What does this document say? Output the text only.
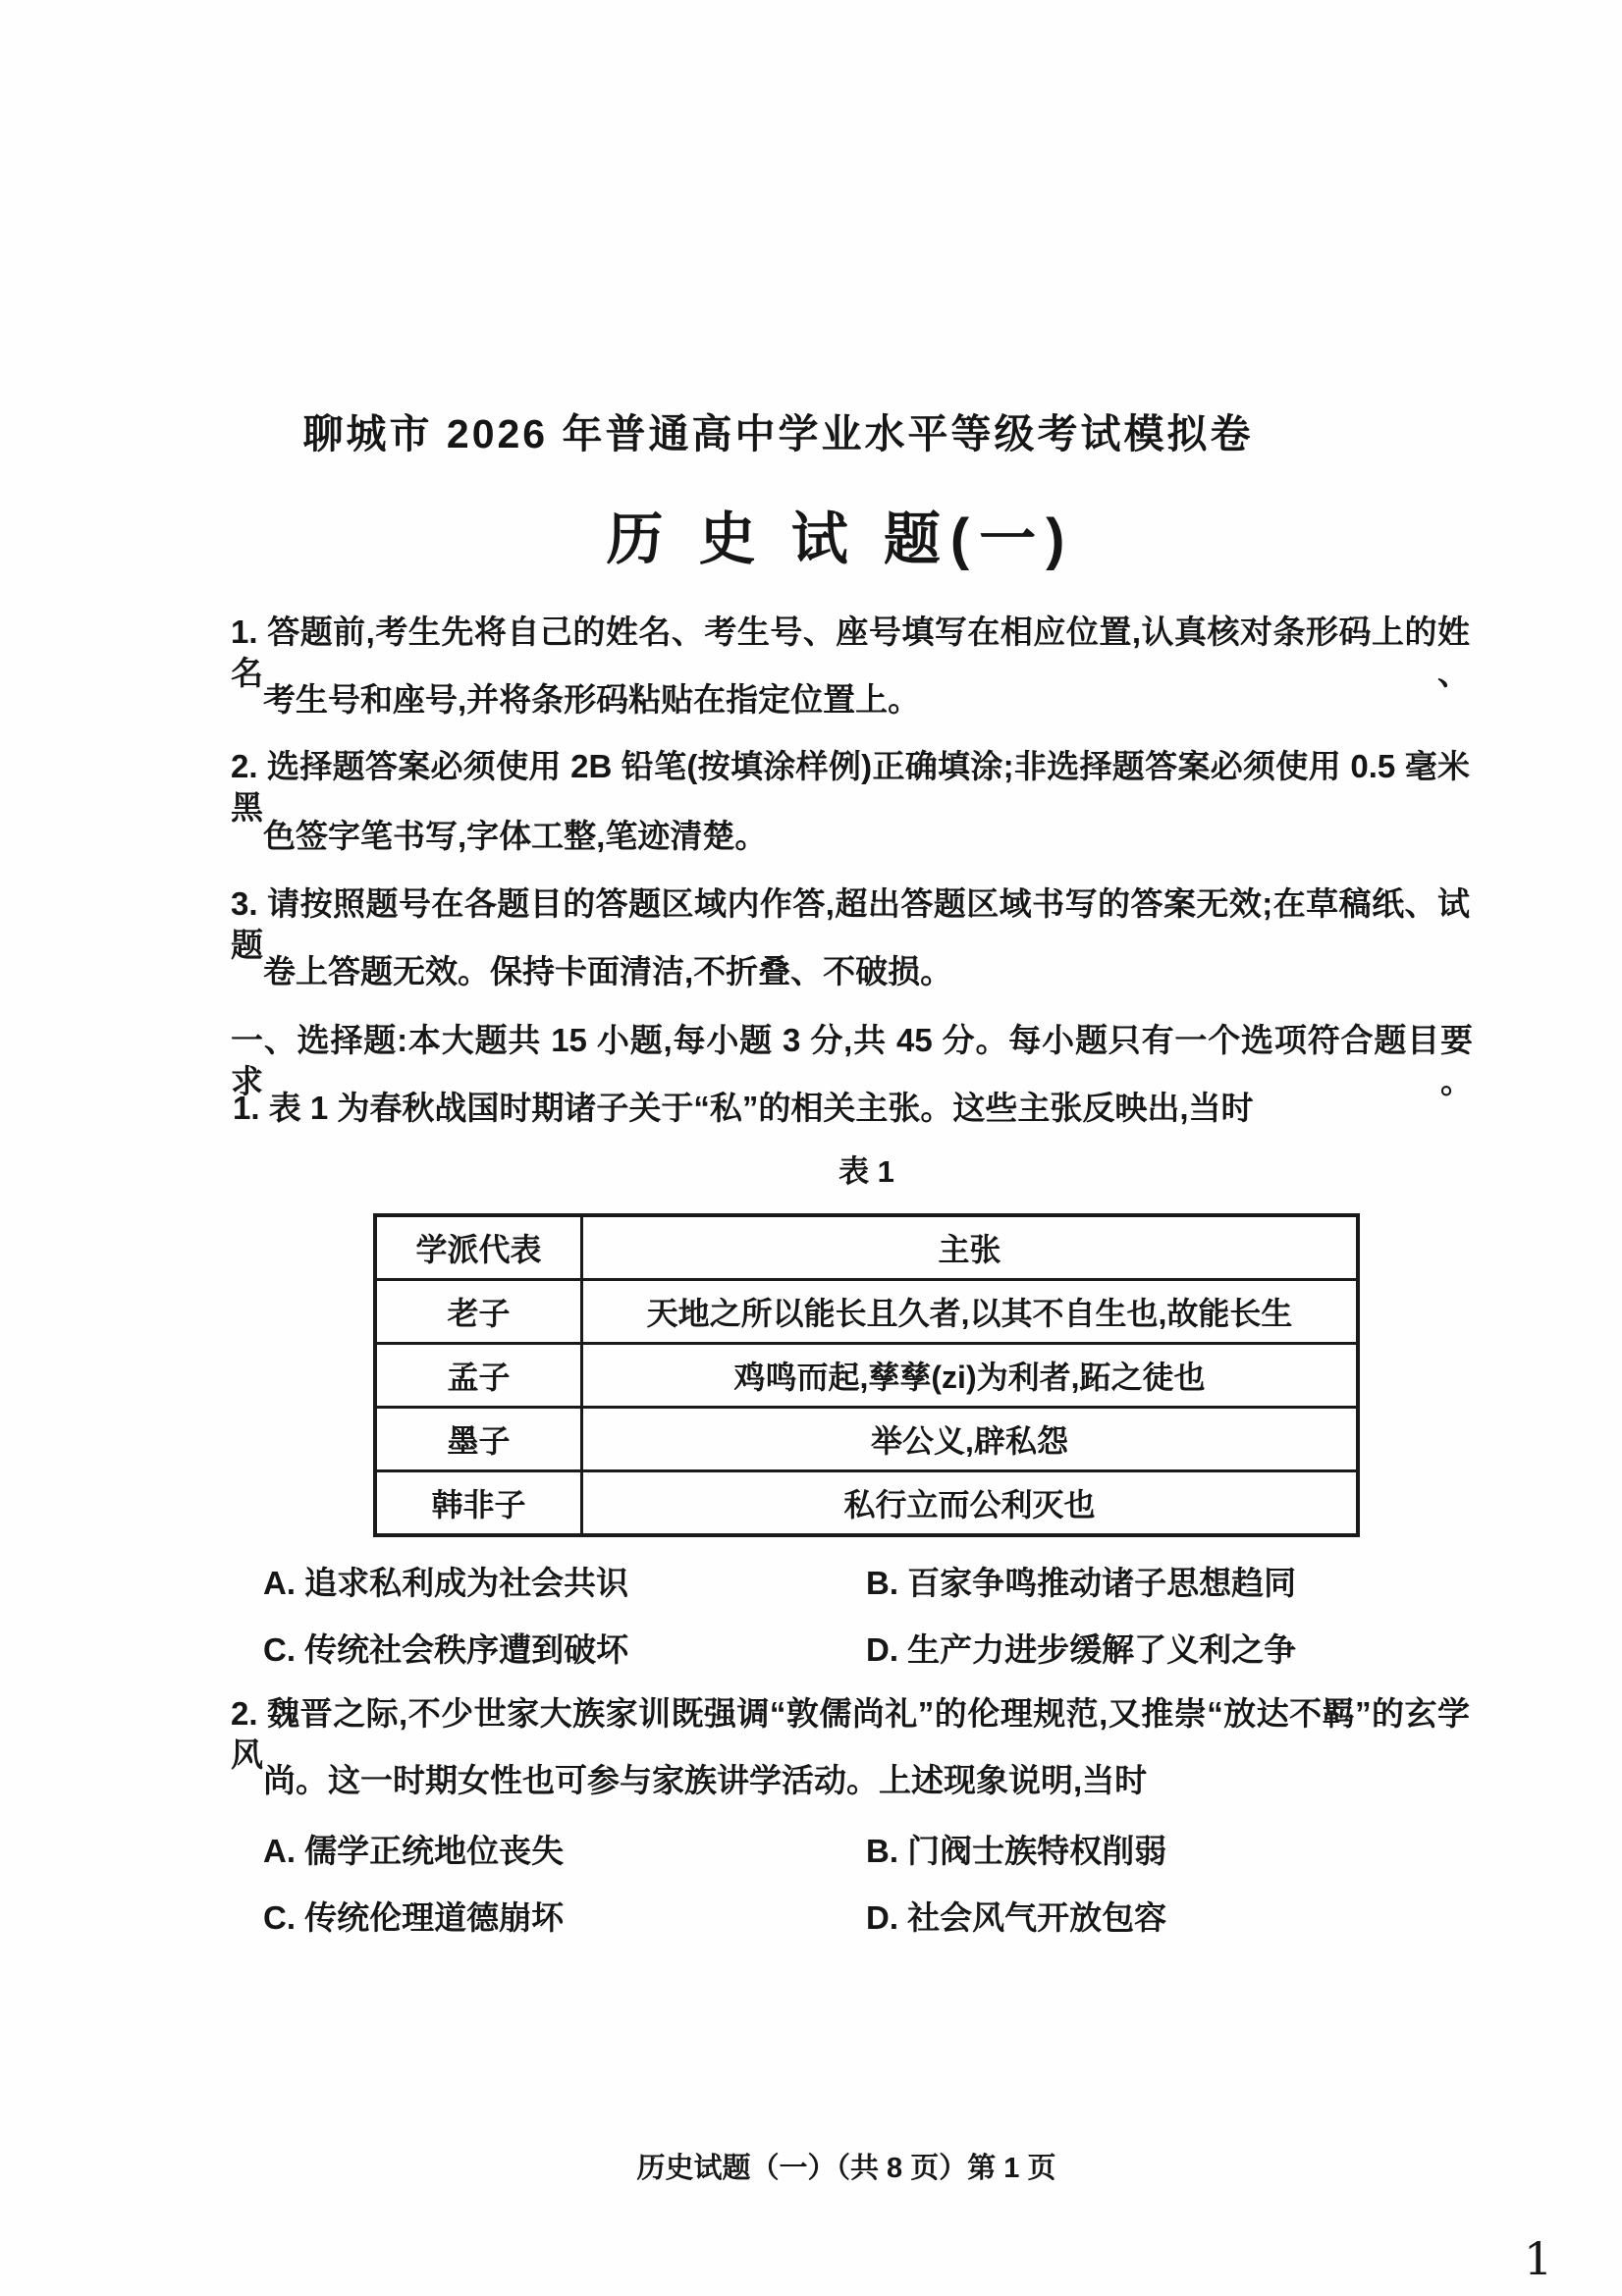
聊城市 2026 年普通高中学业水平等级考试模拟卷
历 史 试 题(一)
1. 答题前,考生先将自己的姓名、考生号、座号填写在相应位置,认真核对条形码上的姓名、
考生号和座号,并将条形码粘贴在指定位置上。
2. 选择题答案必须使用 2B 铅笔(按填涂样例)正确填涂;非选择题答案必须使用 0.5 毫米黑
色签字笔书写,字体工整,笔迹清楚。
3. 请按照题号在各题目的答题区域内作答,超出答题区域书写的答案无效;在草稿纸、试题
卷上答题无效。保持卡面清洁,不折叠、不破损。
一、选择题:本大题共 15 小题,每小题 3 分,共 45 分。每小题只有一个选项符合题目要求。
1. 表 1 为春秋战国时期诸子关于“私”的相关主张。这些主张反映出,当时
表 1
学派代表	主张
老子	天地之所以能长且久者,以其不自生也,故能长生
孟子	鸡鸣而起,孳孳(zi)为利者,跖之徒也
墨子	举公义,辟私怨
韩非子	私行立而公利灭也
A. 追求私利成为社会共识	B. 百家争鸣推动诸子思想趋同
C. 传统社会秩序遭到破坏	D. 生产力进步缓解了义利之争
2. 魏晋之际,不少世家大族家训既强调“敦儒尚礼”的伦理规范,又推崇“放达不羁”的玄学风
尚。这一时期女性也可参与家族讲学活动。上述现象说明,当时
A. 儒学正统地位丧失	B. 门阀士族特权削弱
C. 传统伦理道德崩坏	D. 社会风气开放包容
历史试题（一）（共 8 页）第 1 页
1
